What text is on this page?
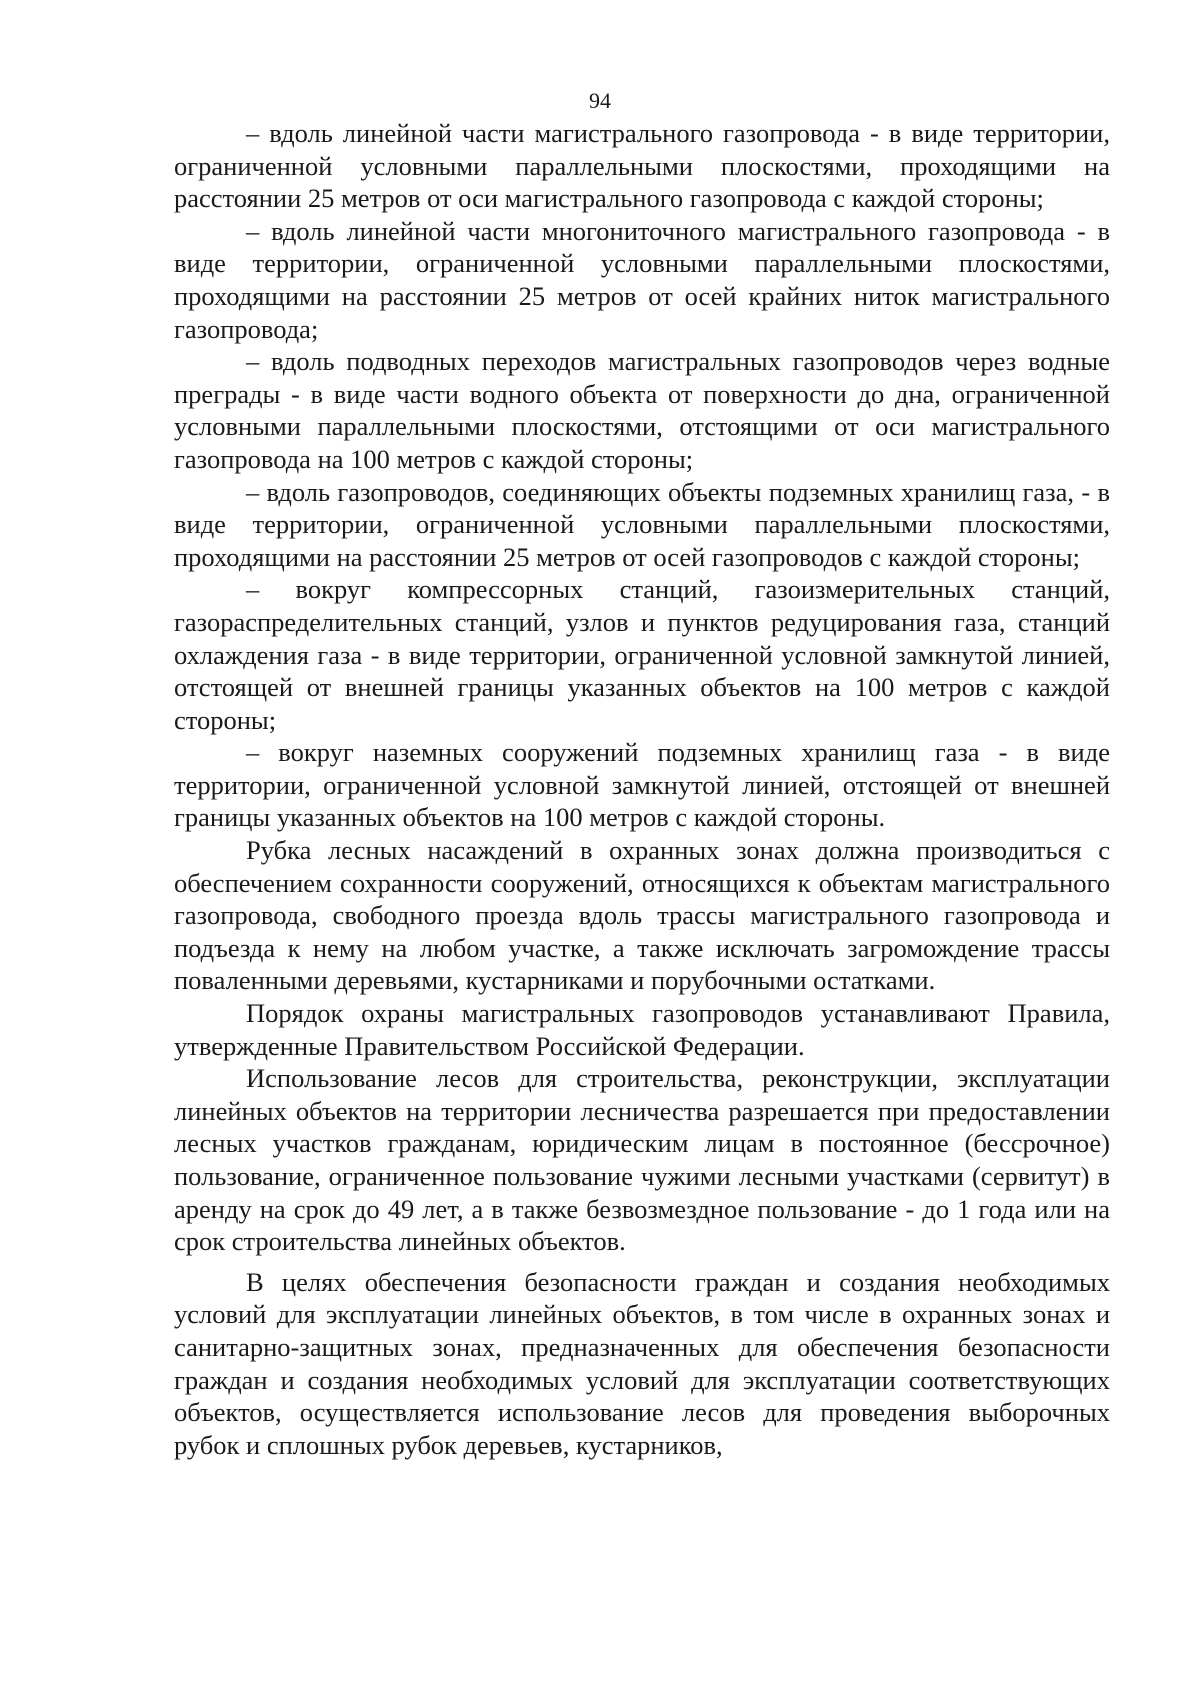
94

– вдоль линейной части магистрального газопровода - в виде территории, ограниченной условными параллельными плоскостями, проходящими на расстоянии 25 метров от оси магистрального газопровода с каждой стороны;

– вдоль линейной части многониточного магистрального газопровода - в виде территории, ограниченной условными параллельными плоскостями, проходящими на расстоянии 25 метров от осей крайних ниток магистрального газопровода;

– вдоль подводных переходов магистральных газопроводов через водные преграды - в виде части водного объекта от поверхности до дна, ограниченной условными параллельными плоскостями, отстоящими от оси магистрального газопровода на 100 метров с каждой стороны;

– вдоль газопроводов, соединяющих объекты подземных хранилищ газа, - в виде территории, ограниченной условными параллельными плоскостями, проходящими на расстоянии 25 метров от осей газопроводов с каждой стороны;

– вокруг компрессорных станций, газоизмерительных станций, газораспределительных станций, узлов и пунктов редуцирования газа, станций охлаждения газа - в виде территории, ограниченной условной замкнутой линией, отстоящей от внешней границы указанных объектов на 100 метров с каждой стороны;

– вокруг наземных сооружений подземных хранилищ газа - в виде территории, ограниченной условной замкнутой линией, отстоящей от внешней границы указанных объектов на 100 метров с каждой стороны.

Рубка лесных насаждений в охранных зонах должна производиться с обеспечением сохранности сооружений, относящихся к объектам магистрального газопровода, свободного проезда вдоль трассы магистрального газопровода и подъезда к нему на любом участке, а также исключать загромождение трассы поваленными деревьями, кустарниками и порубочными остатками.

Порядок охраны магистральных газопроводов устанавливают Правила, утвержденные Правительством Российской Федерации.

Использование лесов для строительства, реконструкции, эксплуатации линейных объектов на территории лесничества разрешается при предоставлении лесных участков гражданам, юридическим лицам в постоянное (бессрочное) пользование, ограниченное пользование чужими лесными участками (сервитут) в аренду на срок до 49 лет, а в также безвозмездное пользование - до 1 года или на срок строительства линейных объектов.

В целях обеспечения безопасности граждан и создания необходимых условий для эксплуатации линейных объектов, в том числе в охранных зонах и санитарно-защитных зонах, предназначенных для обеспечения безопасности граждан и создания необходимых условий для эксплуатации соответствующих объектов, осуществляется использование лесов для проведения выборочных рубок и сплошных рубок деревьев, кустарников,
